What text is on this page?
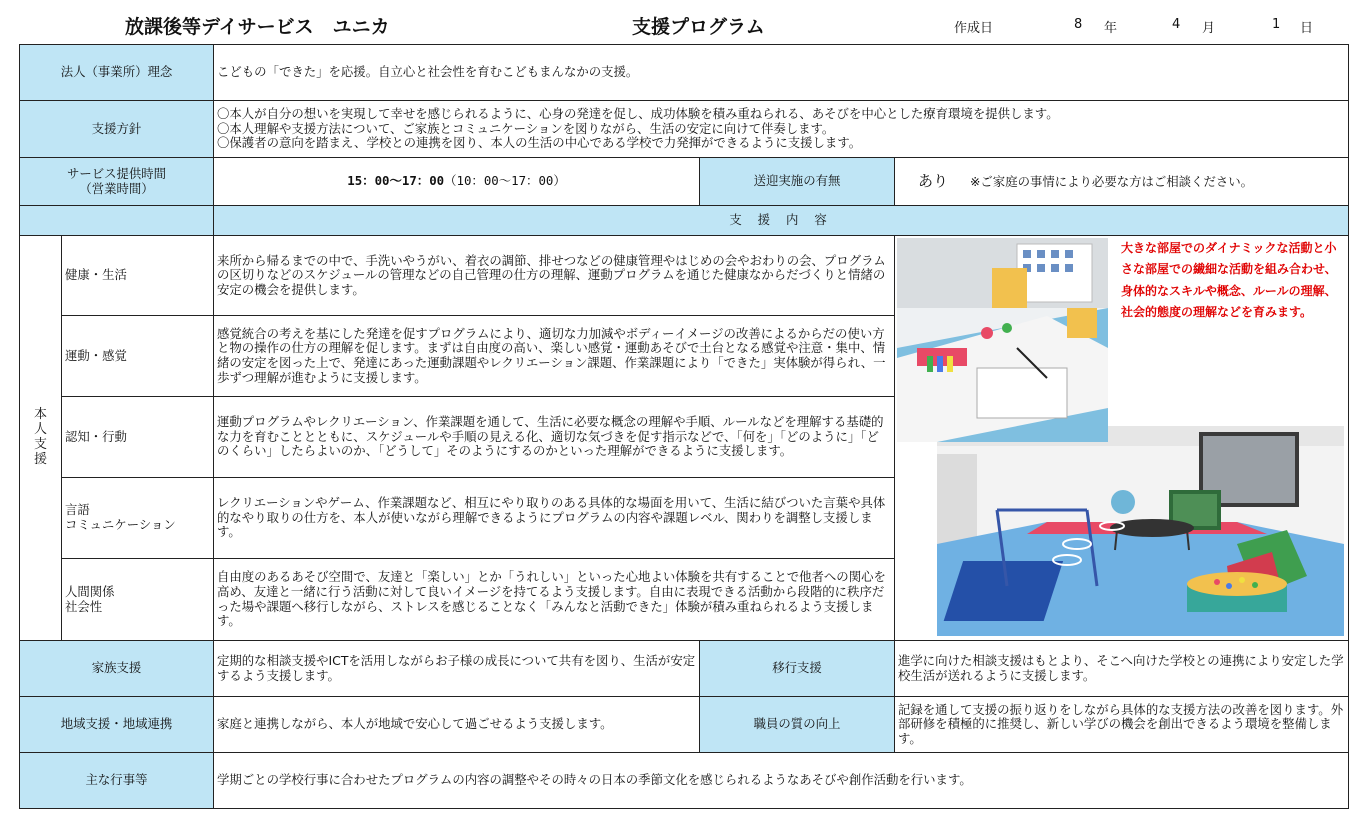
放課後等デイサービス　ユニカ	支援プログラム	作成日	8 年	4 月	1 日
法人（事業所）理念		こどもの「できた」を応援。自立心と社会性を育むこどもまんなかの支援。		
支援方針		〇本人が自分の想いを実現して幸せを感じられるように、心身の発達を促し、成功体験を積み重ねられる、あそびを中心とした療育環境を提供します。
〇本人理解や支援方法について、ご家族とコミュニケーションを図りながら、生活の安定に向けて伴奏します。
〇保護者の意向を踏まえ、学校との連携を図り、本人の生活の中心である学校で力発揮ができるように支援します。		

サービス提供時間
（営業時間）		15：00〜17：00（10：00〜17：00）	送迎実施の有無	あり ※ご家庭の事情により必要な方はご相談ください。
		支 援 内 容		
本人支援	健康・生活	来所から帰るまでの中で、手洗いやうがい、着衣の調節、排せつなどの健康管理やはじめの会やおわりの会、プログラムの区切りなどのスケジュールの管理などの自己管理の仕方の理解、運動プログラムを通じた健康なからだづくりと情緒の安定の機会を提供します。		大きな部屋でのダイナミックな活動と小さな部屋での繊細な活動を組み合わせ、身体的なスキルや概念、ルールの理解、社会的態度の理解などを育みます。

	運動・感覚	感覚統合の考えを基にした発達を促すプログラムにより、適切な力加減やボディーイメージの改善によるからだの使い方と物の操作の仕方の理解を促します。まずは自由度の高い、楽しい感覚・運動あそびで土台となる感覚や注意・集中、情緒の安定を図った上で、発達にあった運動課題やレクリエーション課題、作業課題により「できた」実体験が得られ、一歩ずつ理解が進むように支援します。		
	認知・行動	運動プログラムやレクリエーション、作業課題を通して、生活に必要な概念の理解や手順、ルールなどを理解する基礎的な力を育むこととともに、スケジュールや手順の見える化、適切な気づきを促す指示などで、「何を」「どのように」「どのくらい」したらよいのか、「どうして」そのようにするのかといった理解ができるように支援します。		

	言語
コミュニケーション	レクリエーションやゲーム、作業課題など、相互にやり取りのある具体的な場面を用いて、生活に結びついた言葉や具体的なやり取りの仕方を、本人が使いながら理解できるようにプログラムの内容や課題レベル、関わりを調整し支援します。		

	人間関係
社会性	自由度のあるあそび空間で、友達と「楽しい」とか「うれしい」といった心地よい体験を共有することで他者への関心を高め、友達と一緒に行う活動に対して良いイメージを持てるよう支援します。自由に表現できる活動から段階的に秩序だった場や課題へ移行しながら、ストレスを感じることなく「みんなと活動できた」体験が積み重ねられるよう支援します。		
家族支援		定期的な相談支援やICTを活用しながらお子様の成長について共有を図り、生活が安定するよう支援します。	移行支援	進学に向けた相談支援はもとより、そこへ向けた学校との連携により安定した学校生活が送れるように支援します。
地域支援・地域連携		家庭と連携しながら、本人が地域で安心して過ごせるよう支援します。	職員の質の向上	記録を通して支援の振り返りをしながら具体的な支援方法の改善を図ります。外部研修を積極的に推奨し、新しい学びの機会を創出できるよう環境を整備します。
主な行事等		学期ごとの学校行事に合わせたプログラムの内容の調整やその時々の日本の季節文化を感じられるようなあそびや創作活動を行います。		
